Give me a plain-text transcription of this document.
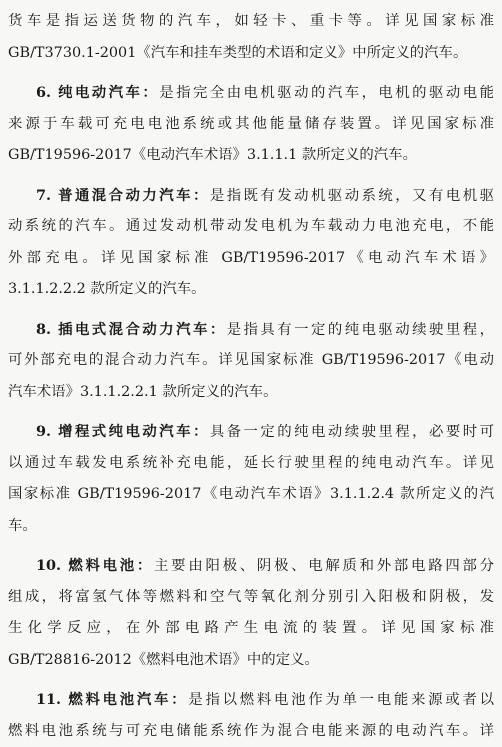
货车是指运送货物的汽车，如轻卡、重卡等。详见国家标准
GB/T3730.1-2001《汽车和挂车类型的术语和定义》中所定义的汽车。
6. 纯电动汽车：是指完全由电机驱动的汽车，电机的驱动电能
来源于车载可充电电池系统或其他能量储存装置。详见国家标准
GB/T19596-2017《电动汽车术语》3.1.1.1 款所定义的汽车。
7. 普通混合动力汽车：是指既有发动机驱动系统，又有电机驱
动系统的汽车。通过发动机带动发电机为车载动力电池充电，不能
外部充电。详见国家标准 GB/T19596-2017《电动汽车术语》
3.1.1.2.2.2 款所定义的汽车。
8. 插电式混合动力汽车：是指具有一定的纯电驱动续驶里程，
可外部充电的混合动力汽车。详见国家标准 GB/T19596-2017《电动
汽车术语》3.1.1.2.2.1 款所定义的汽车。
9. 增程式纯电动汽车：具备一定的纯电动续驶里程，必要时可
以通过车载发电系统补充电能，延长行驶里程的纯电动汽车。详见
国家标准 GB/T19596-2017《电动汽车术语》3.1.1.2.4 款所定义的汽
车。
10. 燃料电池：主要由阳极、阴极、电解质和外部电路四部分
组成，将富氢气体等燃料和空气等氧化剂分别引入阳极和阴极，发
生化学反应，在外部电路产生电流的装置。详见国家标准
GB/T28816-2012《燃料电池术语》中的定义。
11. 燃料电池汽车：是指以燃料电池作为单一电能来源或者以
燃料电池系统与可充电储能系统作为混合电能来源的电动汽车。详
